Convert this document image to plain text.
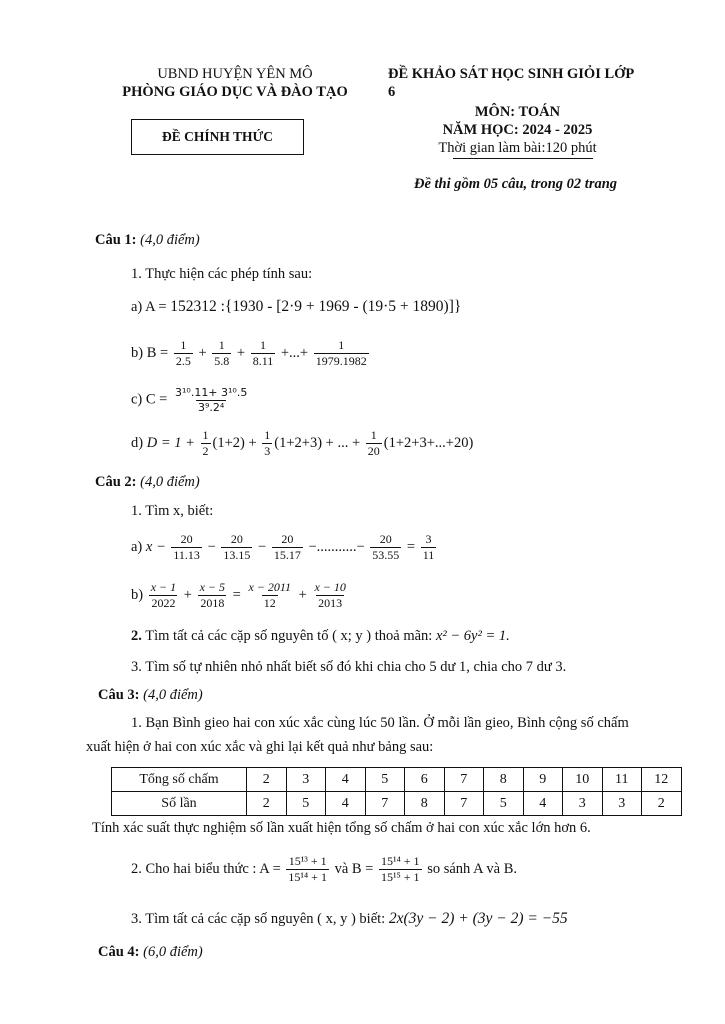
UBND HUYỆN YÊN MÔ
PHÒNG GIÁO DỤC VÀ ĐÀO TẠO
ĐỀ CHÍNH THỨC
ĐỀ KHẢO SÁT HỌC SINH GIỎI LỚP
6
MÔN: TOÁN
NĂM HỌC: 2024 - 2025
Thời gian làm bài:120 phút
Đề thi gồm 05 câu, trong 02 trang
Câu 1: (4,0 điểm)
1. Thực hiện các phép tính sau:
a) A = 152312 :{1930 - [2·9 + 1969 - (19·5 + 1890)]}
b) $B = \frac{1}{2.5} + \frac{1}{5.8} + \frac{1}{8.11}$ +...+ $\frac{1}{1979.1982}$
c) $C = \frac{\text{3¹⁰.11+ 3¹⁰.5}}{\text{3⁹.2⁴}}$
d) $D = 1 + \frac{1}{2} (1+2) + \frac{1}{3} (1+2+3)$ + ... + $\frac{1}{20} (1+2+3+...+20)$
Câu 2: (4,0 điểm)
1. Tìm x, biết:
a) $x - \frac{20}{11.13} - \frac{20}{13.15} - \frac{20}{15.17}$ −...........− $\frac{20}{53.55} = \frac{3}{11}$
$b) \frac{x - 1}{2022} + \frac{x - 5}{2018} = \frac{x - 2011}{12} + \frac{x - 10}{2013}$
2. Tìm tất cả các cặp số nguyên tố ( x; y ) thoả mãn: x² − 6y² = 1.
3. Tìm số tự nhiên nhỏ nhất biết số đó khi chia cho 5 dư 1, chia cho 7 dư 3.
Câu 3: (4,0 điểm)
1. Bạn Bình gieo hai con xúc xắc cùng lúc 50 lần. Ở mỗi lần gieo, Bình cộng số chấm
xuất hiện ở hai con xúc xắc và ghi lại kết quả như bảng sau:
Tổng số chấm	2	3	4	5	6	7	8	9	10	11	12
Số lần	2	5	4	7	8	7	5	4	3	3	2
Tính xác suất thực nghiệm số lần xuất hiện tổng số chấm ở hai con xúc xắc lớn hơn 6.
2. Cho hai biểu thức : $A = \frac{\text{15¹³ + 1}}{\text{15¹⁴ + 1}}$ và $B = \frac{\text{15¹⁴ + 1}}{\text{15¹⁵ + 1}}$ so sánh A và B.
3. Tìm tất cả các cặp số nguyên ( x, y ) biết: 2x(3y − 2) + (3y − 2) = −55
Câu 4: (6,0 điểm)
